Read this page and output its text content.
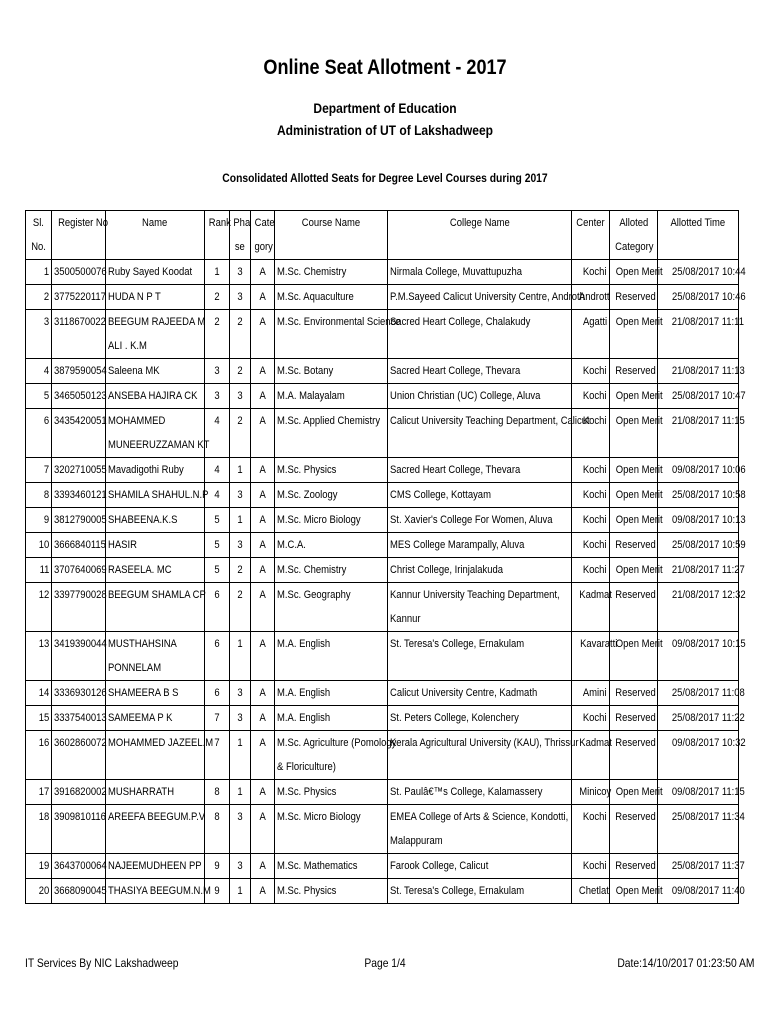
Online Seat Allotment - 2017
Department of Education
Administration of UT of Lakshadweep
Consolidated Allotted Seats for Degree Level Courses during 2017
Sl.
No.	Register No	Name	Rank	Pha
se	Cate
gory	Course Name	College Name	Center	Alloted
Category	Allotted Time
1	3500500076	Ruby Sayed Koodat	1	3	A	M.Sc. Chemistry	Nirmala College, Muvattupuzha	Kochi	Open Merit	25/08/2017 10:44
2	3775220117	HUDA N P T	2	3	A	M.Sc. Aquaculture	P.M.Sayeed Calicut University Centre, Androth	Andrott	Reserved	25/08/2017 10:46
3	3118670022	BEEGUM RAJEEDA M
ALI . K.M	2	2	A	M.Sc. Environmental Science	Sacred Heart College, Chalakudy	Agatti	Open Merit	21/08/2017 11:11
4	3879590054	Saleena MK	3	2	A	M.Sc. Botany	Sacred Heart College, Thevara	Kochi	Reserved	21/08/2017 11:13
5	3465050123	ANSEBA HAJIRA CK	3	3	A	M.A. Malayalam	Union Christian (UC) College, Aluva	Kochi	Open Merit	25/08/2017 10:47
6	3435420051	MOHAMMED
MUNEERUZZAMAN KT	4	2	A	M.Sc. Applied Chemistry	Calicut University Teaching Department, Calicut	Kochi	Open Merit	21/08/2017 11:15
7	3202710055	Mavadigothi Ruby	4	1	A	M.Sc. Physics	Sacred Heart College, Thevara	Kochi	Open Merit	09/08/2017 10:06
8	3393460121	SHAMILA SHAHUL.N.P	4	3	A	M.Sc. Zoology	CMS College, Kottayam	Kochi	Open Merit	25/08/2017 10:58
9	3812790005	SHABEENA.K.S	5	1	A	M.Sc. Micro Biology	St. Xavier's College For Women, Aluva	Kochi	Open Merit	09/08/2017 10:13
10	3666840115	HASIR	5	3	A	M.C.A.	MES College Marampally, Aluva	Kochi	Reserved	25/08/2017 10:59
11	3707640069	RASEELA. MC	5	2	A	M.Sc. Chemistry	Christ College, Irinjalakuda	Kochi	Open Merit	21/08/2017 11:27
12	3397790028	BEEGUM SHAMLA CP	6	2	A	M.Sc. Geography	Kannur University Teaching Department,
Kannur	Kadmat	Reserved	21/08/2017 12:32
13	3419390044	MUSTHAHSINA
PONNELAM	6	1	A	M.A. English	St. Teresa's College, Ernakulam	Kavaratti	Open Merit	09/08/2017 10:15
14	3336930126	SHAMEERA B S	6	3	A	M.A. English	Calicut University Centre, Kadmath	Amini	Reserved	25/08/2017 11:08
15	3337540013	SAMEEMA P K	7	3	A	M.A. English	St. Peters College, Kolenchery	Kochi	Reserved	25/08/2017 11:22
16	3602860072	MOHAMMED JAZEEL.M	7	1	A	M.Sc. Agriculture (Pomology
& Floriculture)	Kerala Agricultural University (KAU), Thrissur	Kadmat	Reserved	09/08/2017 10:32
17	3916820002	MUSHARRATH	8	1	A	M.Sc. Physics	St. Paulâ€™s College, Kalamassery	Minicoy	Open Merit	09/08/2017 11:15
18	3909810116	AREEFA BEEGUM.P.V	8	3	A	M.Sc. Micro Biology	EMEA College of Arts & Science, Kondotti,
Malappuram	Kochi	Reserved	25/08/2017 11:34
19	3643700064	NAJEEMUDHEEN PP	9	3	A	M.Sc. Mathematics	Farook College, Calicut	Kochi	Reserved	25/08/2017 11:37
20	3668090045	THASIYA BEEGUM.N.M	9	1	A	M.Sc. Physics	St. Teresa's College, Ernakulam	Chetlat	Open Merit	09/08/2017 11:40
IT Services By NIC Lakshadweep	Page 1/4	Date:14/10/2017 01:23:50 AM
